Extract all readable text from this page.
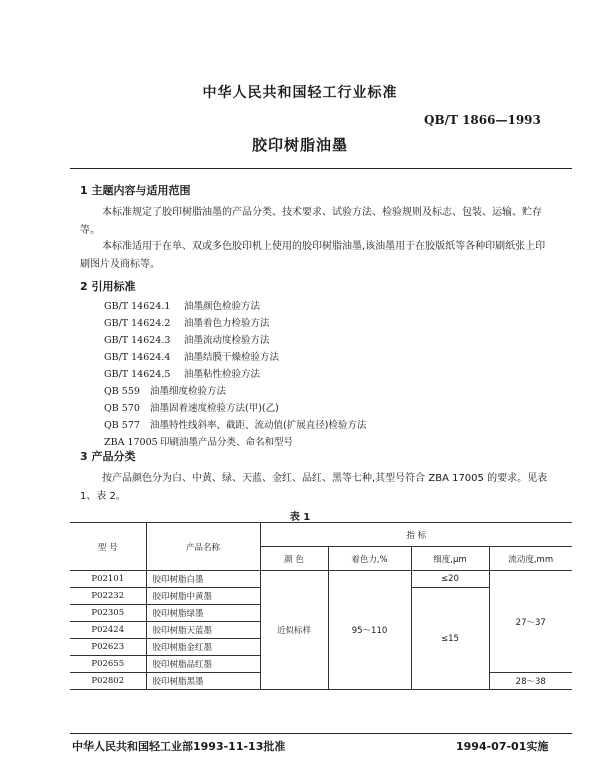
中华人民共和国轻工行业标准
QB/T 1866—1993
胶印树脂油墨
1 主题内容与适用范围
本标准规定了胶印树脂油墨的产品分类、技术要求、试验方法、检验规则及标志、包装、运输、贮存等。
本标准适用于在单、双或多色胶印机上使用的胶印树脂油墨,该油墨用于在胶版纸等各种印刷纸张上印刷图片及商标等。
2 引用标准
GB/T 14624.1 油墨颜色检验方法
GB/T 14624.2 油墨着色力检验方法
GB/T 14624.3 油墨流动度检验方法
GB/T 14624.4 油墨结膜干燥检验方法
GB/T 14624.5 油墨粘性检验方法
QB 559 油墨细度检验方法
QB 570 油墨固着速度检验方法(甲)(乙)
QB 577 油墨特性线斜率、截距、流动值(扩展直径)检验方法
ZBA 17005 印刷油墨产品分类、命名和型号
3 产品分类
按产品颜色分为白、中黄、绿、天蓝、金红、品红、黑等七种,其型号符合 ZBA 17005 的要求。见表 1、表 2。
表 1
型 号	产品名称	指 标			
		颜 色	着色力,%	细度,μm	流动度,mm
P02101	胶印树脂白墨	近似标样	95～110	≤20	27～37
P02232	胶印树脂中黄墨			≤15	
P02305	胶印树脂绿墨				
P02424	胶印树脂天蓝墨				
P02623	胶印树脂金红墨				
P02655	胶印树脂品红墨				
P02802	胶印树脂黑墨				28～38
中华人民共和国轻工业部1993-11-13批准	1994-07-01实施
